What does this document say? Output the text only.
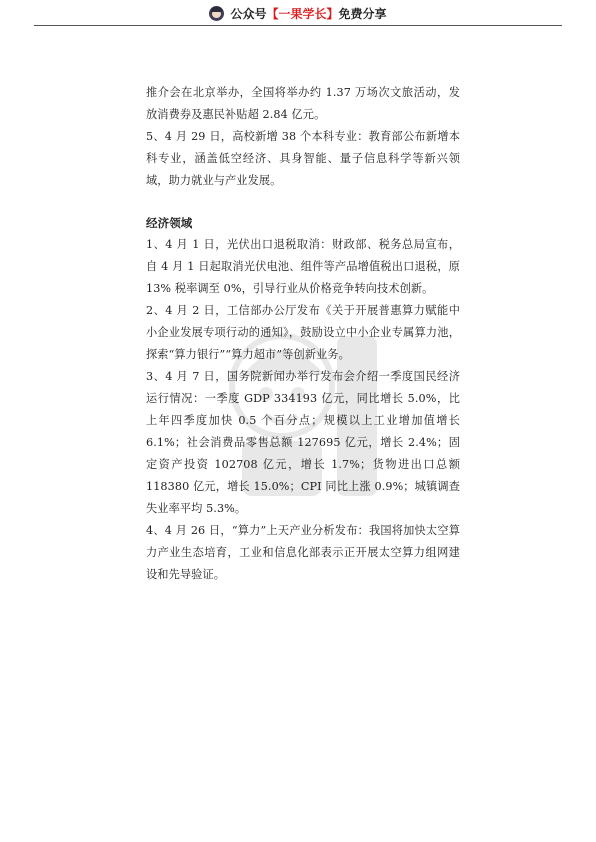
公众号【一果学长】免费分享

推介会在北京举办，全国将举办约 1.37 万场次文旅活动，发放消费券及惠民补贴超 2.84 亿元。

5、4 月 29 日，高校新增 38 个本科专业：教育部公布新增本科专业，涵盖低空经济、具身智能、量子信息科学等新兴领域，助力就业与产业发展。

经济领域

1、4 月 1 日，光伏出口退税取消：财政部、税务总局宣布，自 4 月 1 日起取消光伏电池、组件等产品增值税出口退税，原 13% 税率调至 0%，引导行业从价格竞争转向技术创新。

2、4 月 2 日，工信部办公厅发布《关于开展普惠算力赋能中小企业发展专项行动的通知》，鼓励设立中小企业专属算力池，探索“算力银行”“算力超市”等创新业务。

3、4 月 7 日，国务院新闻办举行发布会介绍一季度国民经济运行情况：一季度 GDP 334193 亿元，同比增长 5.0%，比上年四季度加快 0.5 个百分点；规模以上工业增加值增长 6.1%；社会消费品零售总额 127695 亿元，增长 2.4%；固定资产投资 102708 亿元，增长 1.7%；货物进出口总额 118380 亿元，增长 15.0%；CPI 同比上涨 0.9%；城镇调查失业率平均 5.3%。

4、4 月 26 日，“算力”上天产业分析发布：我国将加快太空算力产业生态培育，工业和信息化部表示正开展太空算力组网建设和先导验证。
